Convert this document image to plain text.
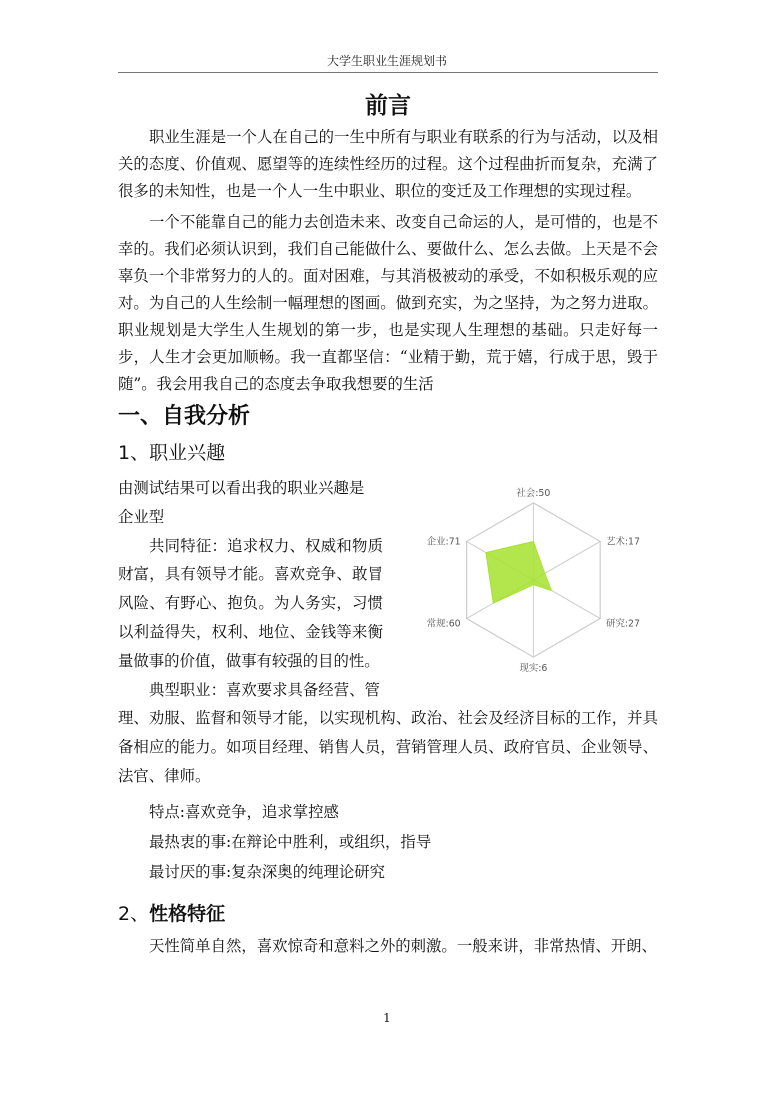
大学生职业生涯规划书
前言

职业生涯是一个人在自己的一生中所有与职业有联系的行为与活动，以及相关的态度、价值观、愿望等的连续性经历的过程。这个过程曲折而复杂，充满了很多的未知性，也是一个人一生中职业、职位的变迁及工作理想的实现过程。

一个不能靠自己的能力去创造未来、改变自己命运的人，是可惜的，也是不幸的。我们必须认识到，我们自己能做什么、要做什么、怎么去做。上天是不会辜负一个非常努力的人的。面对困难，与其消极被动的承受，不如积极乐观的应对。为自己的人生绘制一幅理想的图画。做到充实，为之坚持，为之努力进取。职业规划是大学生人生规划的第一步，也是实现人生理想的基础。只走好每一步，人生才会更加顺畅。我一直都坚信：“业精于勤，荒于嬉，行成于思，毁于随”。我会用我自己的态度去争取我想要的生活

一、自我分析
1、职业兴趣

由测试结果可以看出我的职业兴趣是

企业型

共同特征：追求权力、权威和物质财富，具有领导才能。喜欢竞争、敢冒风险、有野心、抱负。为人务实，习惯以利益得失，权利、地位、金钱等来衡量做事的价值，做事有较强的目的性。

典型职业：喜欢要求具备经营、管

社会:50
艺术:17
研究:27
现实:6
常规:60
企业:71

理、劝服、监督和领导才能，以实现机构、政治、社会及经济目标的工作，并具备相应的能力。如项目经理、销售人员，营销管理人员、政府官员、企业领导、法官、律师。

特点:喜欢竞争，追求掌控感

最热衷的事:在辩论中胜利，或组织，指导

最讨厌的事:复杂深奥的纯理论研究

2、性格特征

天性简单自然，喜欢惊奇和意料之外的刺激。一般来讲，非常热情、开朗、

1
